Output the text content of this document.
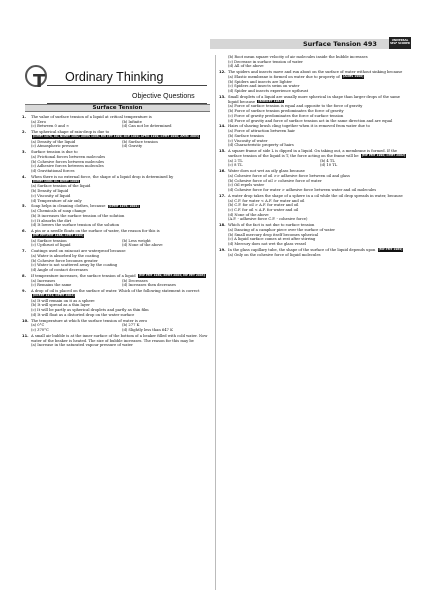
Surface Tension 493	UNIVERSAL SELF SCORER
T Ordinary Thinking
Objective Questions
Surface Tension
1. The value of surface tension of a liquid at critical temperature is
(a) Zero	(b) Infinite
(c) Between 0 and ∞	(d) Can not be determined
2. The spherical shape of rain-drop is due to [CPMT 1976, 90; NCERT 1982; AIIMS 1998; MH CET 1999; DCE 1999; AFMC 1999; CPMT 1990; AFMC 2003]
(a) Density of the liquid	(b) Surface tension
(c) Atmospheric pressure	(d) Gravity
3. Surface tension is due to
(a) Frictional forces between molecules
(b) Cohesive forces between molecules
(c) Adhesive forces between molecules
(d) Gravitational forces
4. When there is no external force, the shape of a liquid drop is determined by [CPMT 1988; 91; DPMT 1999]
(a) Surface tension of the liquid
(b) Density of liquid
(c) Viscosity of liquid
(d) Temperature of air only
5. Soap helps in cleaning clothes, because [CPMT 1976; 2001]
(a) Chemicals of soap change
(b) It increases the surface tension of the solution
(c) It absorbs the dirt
(d) It lowers the surface tension of the solution
6. A pin or a needle floats on the surface of water, the reason for this is [MP PET/PMT 1988; CPMT 1990]
(a) Surface tension	(b) Less weight
(c) Upthrust of liquid	(d) None of the above
7. Coatings used on raincoat are waterproof because
(a) Water is absorbed by the coating
(b) Cohesive force becomes greater
(c) Water is not scattered away by the coating
(d) Angle of contact decreases
8. If temperature increases, the surface tension of a liquid [MP PMT 1989; RPMT 2003; MP PET 2004]
(a) Increases	(b) Decreases
(c) Remains the same	(d) Increases then decreases
9. A drop of oil is placed on the surface of water. Which of the following statement is correct [NCERT 1972; DPMT 2002]
(a) It will remain on it as a sphere
(b) It will spread as a thin layer
(c) It will be partly as spherical droplets and partly as thin film
(d) It will float as a distorted drop on the water surface
10. The temperature at which the surface tension of water is zero
(a) 0°C	(b) 277 K
(c) 370°C	(d) Slightly less than 647 K
11. A small air bubble is at the inner surface of the bottom of a beaker filled with cold water. Now water of the beaker is heated. The size of bubble increases. The reason for this may be
(a) Increase in the saturated vapour pressure of water
(b) Root mean square velocity of air molecules inside the bubble increases
(c) Decrease in surface tension of water
(d) All of the above
12. The spiders and insects move and run about on the surface of water without sinking because
(a) Elastic membrane is formed on water due to property of [AIIMS 1998]
(b) Spiders and insects are lighter
(c) Spiders and insects swim on water
(d) Spider and insects experience upthrust
13. Small droplets of a liquid are usually more spherical in shape than larger drops of the same liquid because [BHMCET 1983]
(a) Force of surface tension is equal and opposite to the force of gravity
(b) Force of surface tension predominates the force of gravity
(c) Force of gravity predominates the force of surface tension
(d) Force of gravity and force of surface tension act in the same direction and are equal
14. Hairs of shaving brush cling together when it is removed from water due to
(a) Force of attraction between hair
(b) Surface tension
(c) Viscosity of water
(d) Characteristic property of hairs
15. A square frame of side L is dipped in a liquid. On taking out, a membrane is formed. If the surface tension of the liquid is T, the force acting on the frame will be [MP PMT 1990; CPMT 2002]
(a) 2 TL	(b) 4 TL
(c) 8 TL	(d) 10 TL
16. Water does not wet an oily glass because
(a) Cohesive force of oil >> adhesive force between oil and glass
(b) Cohesive force of oil > cohesive force of water
(c) Oil repels water
(d) Cohesive force for water > adhesive force between water and oil molecules
17. A water drop takes the shape of a sphere in a oil while the oil drop spreads in water, because
(a) C.F. for water < A.F. for water and oil
(b) C.F. for oil > A.F. for water and oil
(c) C.F. for oil < A.F. for water and oil
(d) None of the above
(A.F. - adhesive force C.F. - cohesive force)
18. Which of the fact is not due to surface tension
(a) Dancing of a camphor piece over the surface of water
(b) Small mercury drop itself becomes spherical
(c) A liquid surface comes at rest after stirring
(d) Mercury does not wet the glass vessel
19. In the glass capillary tube, the shape of the surface of the liquid depends upon [MP PMT 1989]
(a) Only on the cohesive force of liquid molecules
